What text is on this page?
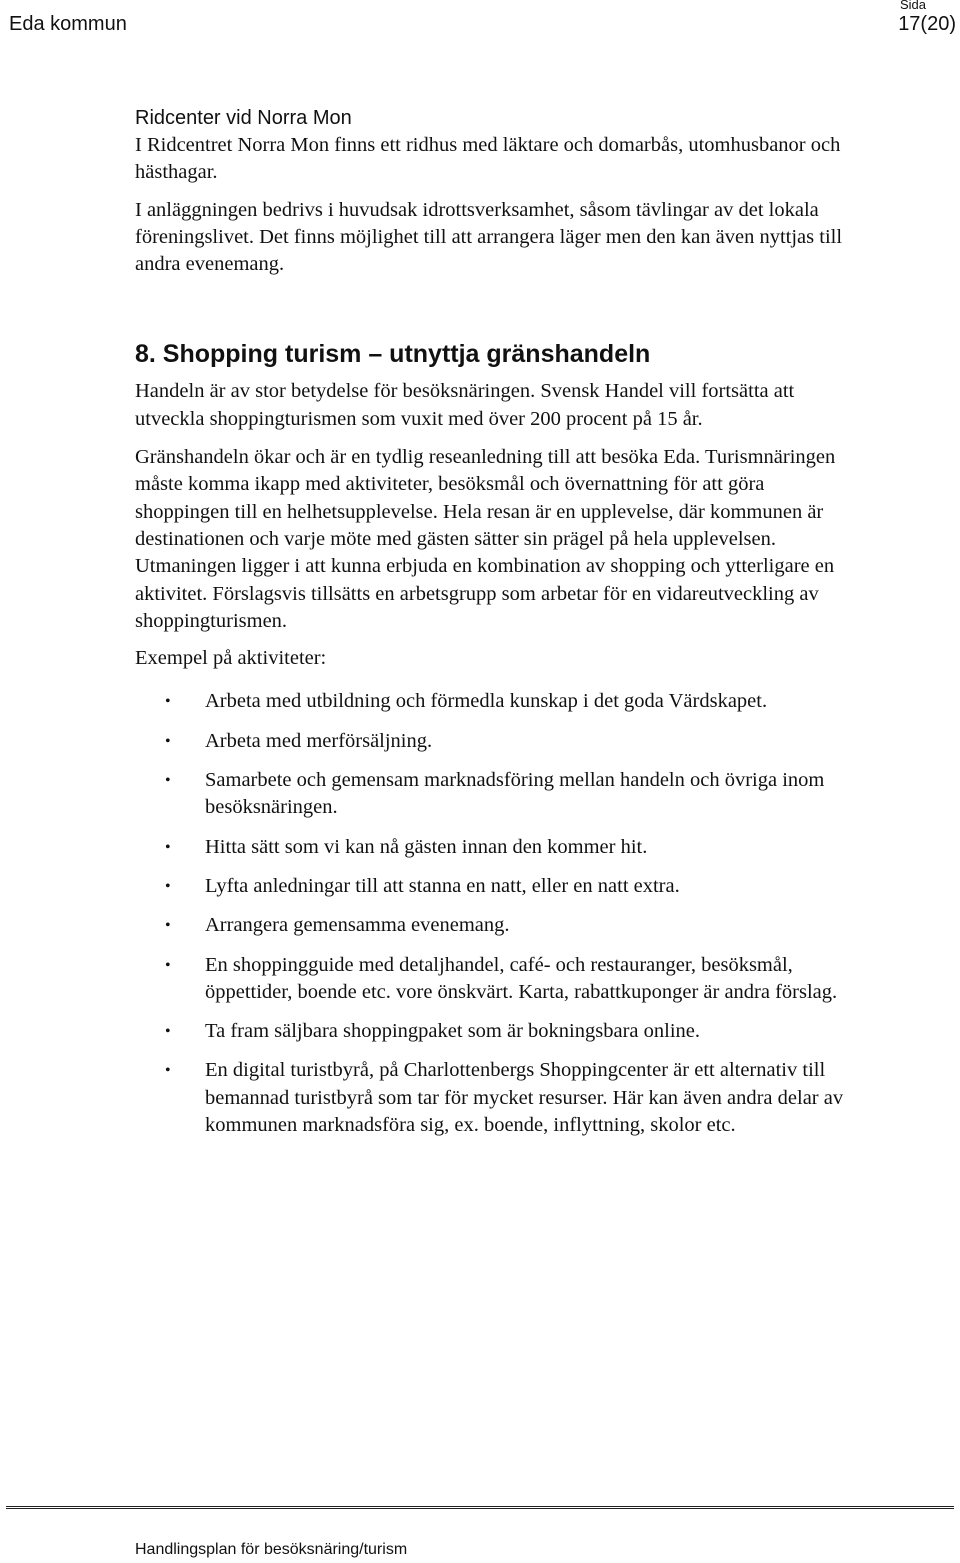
Eda kommun
Sida
17(20)
Ridcenter vid Norra Mon

I Ridcentret Norra Mon finns ett ridhus med läktare och domarbås, utomhusbanor och hästhagar.

I anläggningen bedrivs i huvudsak idrottsverksamhet, såsom tävlingar av det lokala föreningslivet. Det finns möjlighet till att arrangera läger men den kan även nyttjas till andra evenemang.

8. Shopping turism – utnyttja gränshandeln

Handeln är av stor betydelse för besöksnäringen. Svensk Handel vill fortsätta att utveckla shoppingturismen som vuxit med över 200 procent på 15 år.

Gränshandeln ökar och är en tydlig reseanledning till att besöka Eda. Turismnäringen måste komma ikapp med aktiviteter, besöksmål och övernattning för att göra shoppingen till en helhetsupplevelse. Hela resan är en upplevelse, där kommunen är destinationen och varje möte med gästen sätter sin prägel på hela upplevelsen. Utmaningen ligger i att kunna erbjuda en kombination av shopping och ytterligare en aktivitet. Förslagsvis tillsätts en arbetsgrupp som arbetar för en vidareutveckling av shoppingturismen.

Exempel på aktiviteter:

• Arbeta med utbildning och förmedla kunskap i det goda Värdskapet.
• Arbeta med merförsäljning.
• Samarbete och gemensam marknadsföring mellan handeln och övriga inom besöksnäringen.
• Hitta sätt som vi kan nå gästen innan den kommer hit.
• Lyfta anledningar till att stanna en natt, eller en natt extra.
• Arrangera gemensamma evenemang.
• En shoppingguide med detaljhandel, café- och restauranger, besöksmål, öppettider, boende etc. vore önskvärt. Karta, rabattkuponger är andra förslag.
• Ta fram säljbara shoppingpaket som är bokningsbara online.
• En digital turistbyrå, på Charlottenbergs Shoppingcenter är ett alternativ till bemannad turistbyrå som tar för mycket resurser. Här kan även andra delar av kommunen marknadsföra sig, ex. boende, inflyttning, skolor etc.
Handlingsplan för besöksnäring/turism
